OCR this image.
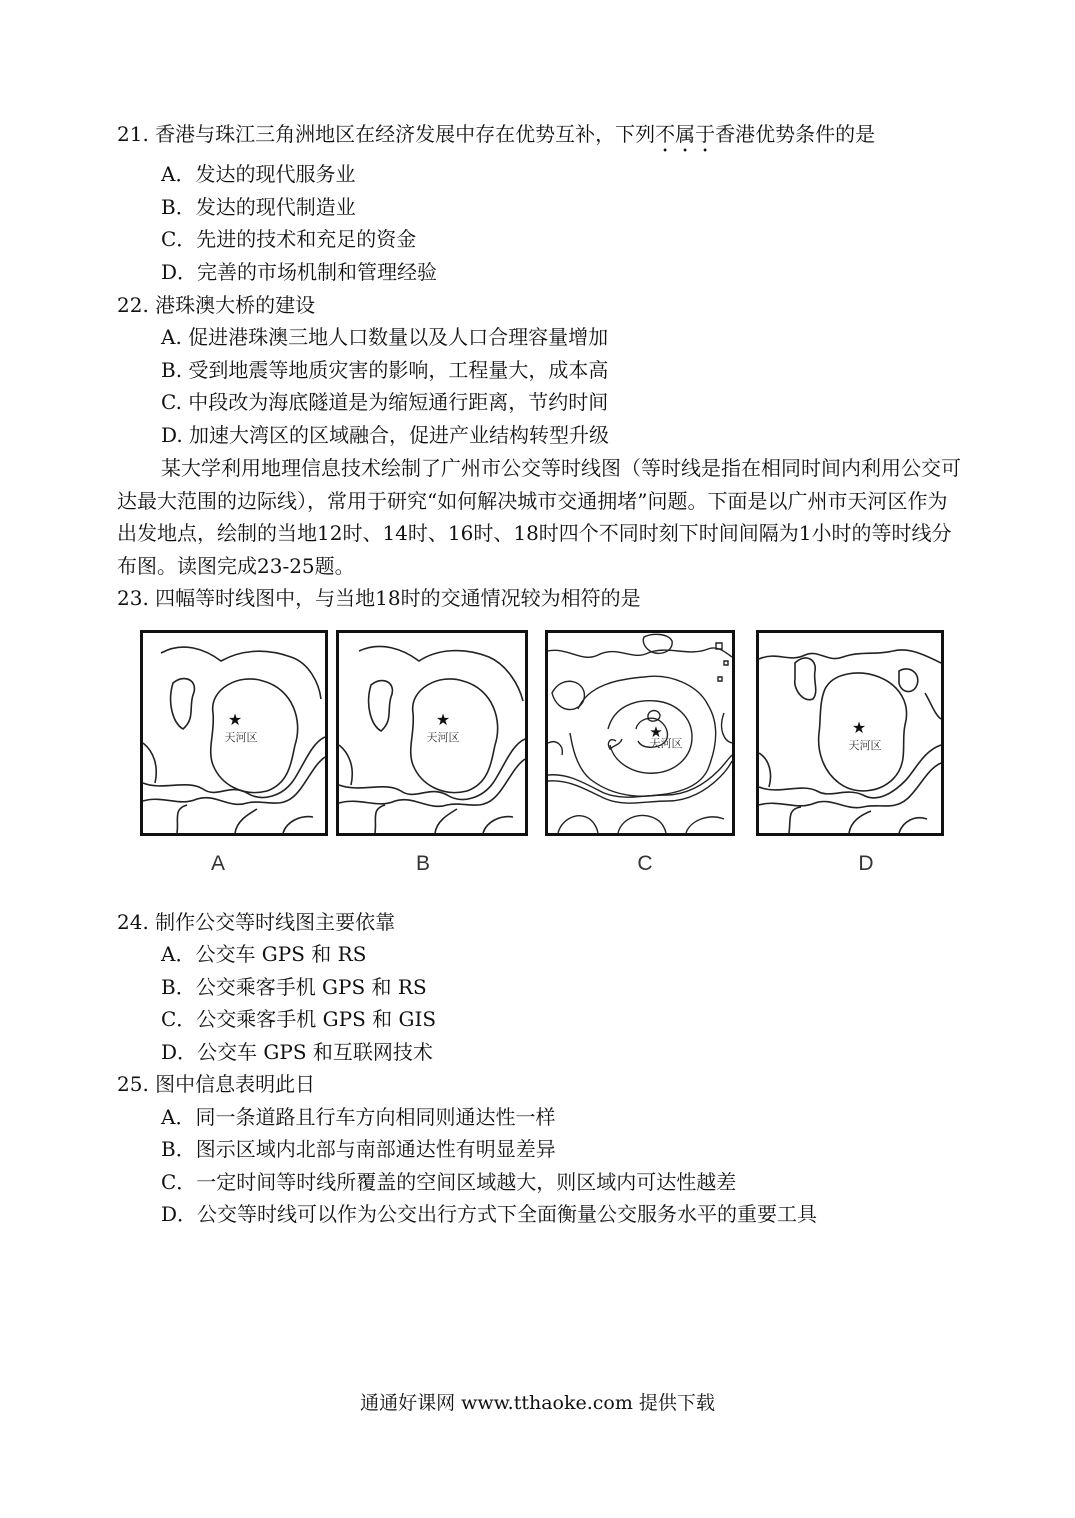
21. 香港与珠江三角洲地区在经济发展中存在优势互补，下列不属于香港优势条件的是
A．发达的现代服务业
B．发达的现代制造业
C．先进的技术和充足的资金
D．完善的市场机制和管理经验
22. 港珠澳大桥的建设
A. 促进港珠澳三地人口数量以及人口合理容量增加
B. 受到地震等地质灾害的影响，工程量大，成本高
C. 中段改为海底隧道是为缩短通行距离，节约时间
D. 加速大湾区的区域融合，促进产业结构转型升级
某大学利用地理信息技术绘制了广州市公交等时线图（等时线是指在相同时间内利用公交可达最大范围的边际线），常用于研究“如何解决城市交通拥堵”问题。下面是以广州市天河区作为出发地点，绘制的当地12时、14时、16时、18时四个不同时刻下时间间隔为1小时的等时线分布图。读图完成23-25题。
23. 四幅等时线图中，与当地18时的交通情况较为相符的是
★
天河区
A
★
天河区
B
★
天河区
C
★
天河区
D
24. 制作公交等时线图主要依靠
A．公交车 GPS 和 RS
B．公交乘客手机 GPS 和 RS
C．公交乘客手机 GPS 和 GIS
D．公交车 GPS 和互联网技术
25. 图中信息表明此日
A．同一条道路且行车方向相同则通达性一样
B．图示区域内北部与南部通达性有明显差异
C．一定时间等时线所覆盖的空间区域越大，则区域内可达性越差
D．公交等时线可以作为公交出行方式下全面衡量公交服务水平的重要工具
通通好课网 www.tthaoke.com 提供下载
